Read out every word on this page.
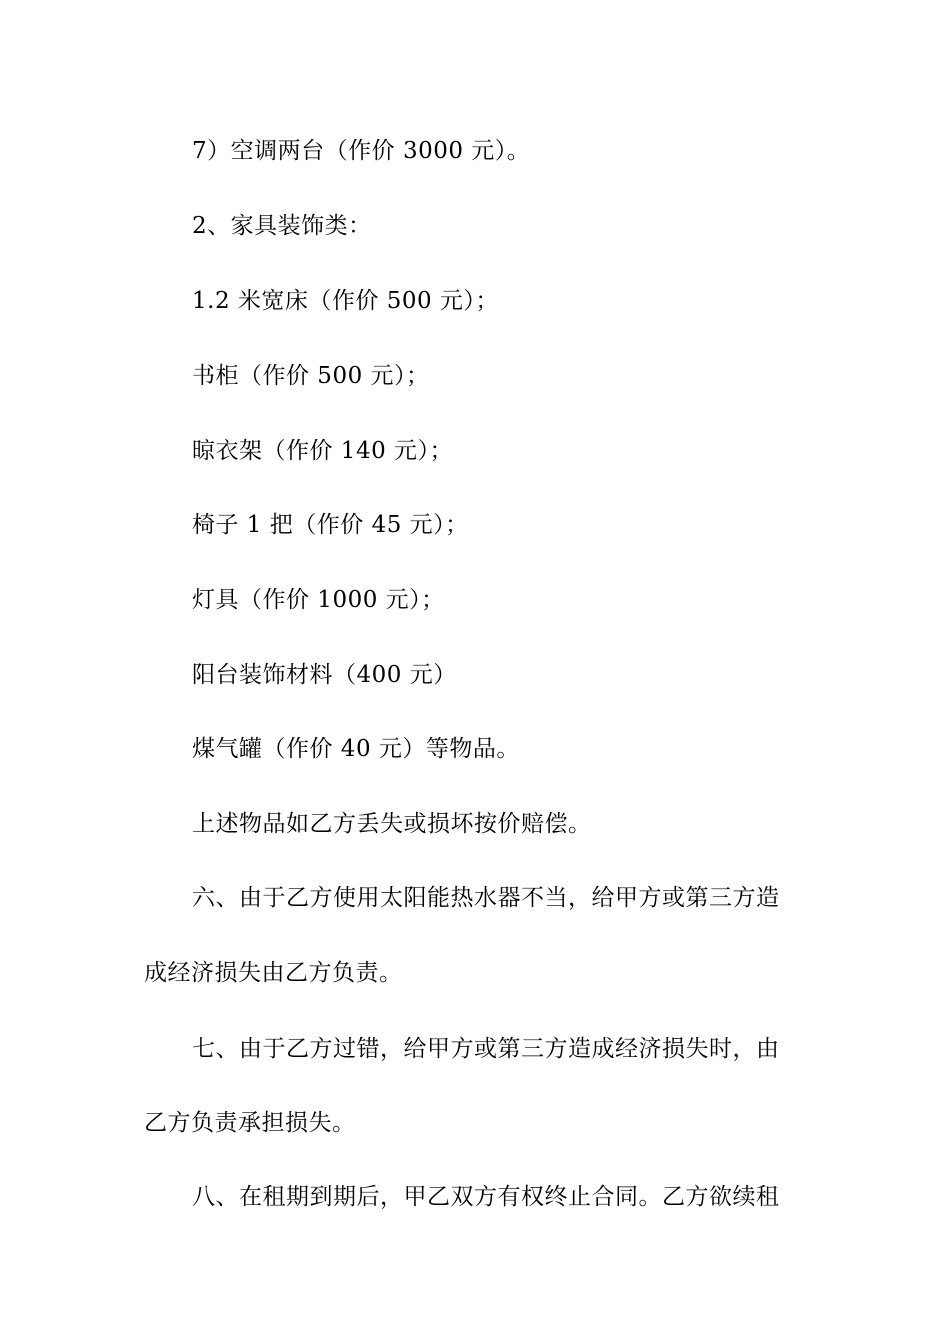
7）空调两台（作价 3000 元）。
2、家具装饰类：
1.2 米宽床（作价 500 元）；
书柜（作价 500 元）；
晾衣架（作价 140 元）；
椅子 1 把（作价 45 元）；
灯具（作价 1000 元）；
阳台装饰材料（400 元）
煤气罐（作价 40 元）等物品。
上述物品如乙方丢失或损坏按价赔偿。
六、由于乙方使用太阳能热水器不当，给甲方或第三方造
成经济损失由乙方负责。
七、由于乙方过错，给甲方或第三方造成经济损失时，由
乙方负责承担损失。
八、在租期到期后，甲乙双方有权终止合同。乙方欲续租
